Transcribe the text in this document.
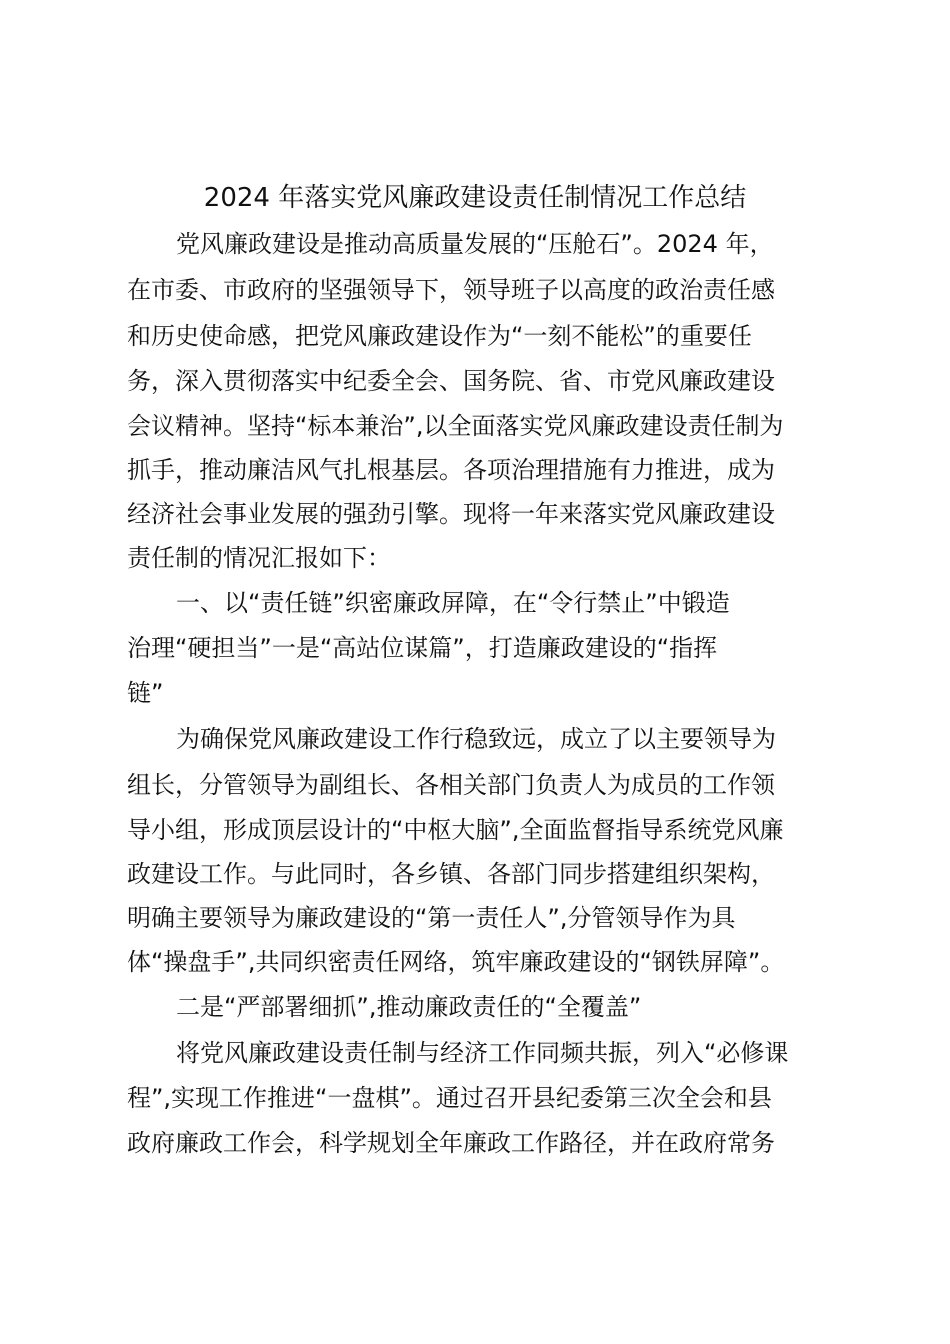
2024 年落实党风廉政建设责任制情况工作总结
党风廉政建设是推动高质量发展的“压舱石”。2024 年，
在市委、市政府的坚强领导下，领导班子以高度的政治责任感
和历史使命感，把党风廉政建设作为“一刻不能松”的重要任
务，深入贯彻落实中纪委全会、国务院、省、市党风廉政建设
会议精神。坚持“标本兼治”,以全面落实党风廉政建设责任制为
抓手，推动廉洁风气扎根基层。各项治理措施有力推进，成为
经济社会事业发展的强劲引擎。现将一年来落实党风廉政建设
责任制的情况汇报如下：
一、以“责任链”织密廉政屏障，在“令行禁止”中锻造
治理“硬担当”一是“高站位谋篇”，打造廉政建设的“指挥
链”
为确保党风廉政建设工作行稳致远，成立了以主要领导为
组长，分管领导为副组长、各相关部门负责人为成员的工作领
导小组，形成顶层设计的“中枢大脑”,全面监督指导系统党风廉
政建设工作。与此同时，各乡镇、各部门同步搭建组织架构，
明确主要领导为廉政建设的“第一责任人”,分管领导作为具
体“操盘手”,共同织密责任网络，筑牢廉政建设的“钢铁屏障”。
二是“严部署细抓”,推动廉政责任的“全覆盖”
将党风廉政建设责任制与经济工作同频共振，列入“必修课
程”,实现工作推进“一盘棋”。通过召开县纪委第三次全会和县
政府廉政工作会，科学规划全年廉政工作路径，并在政府常务
